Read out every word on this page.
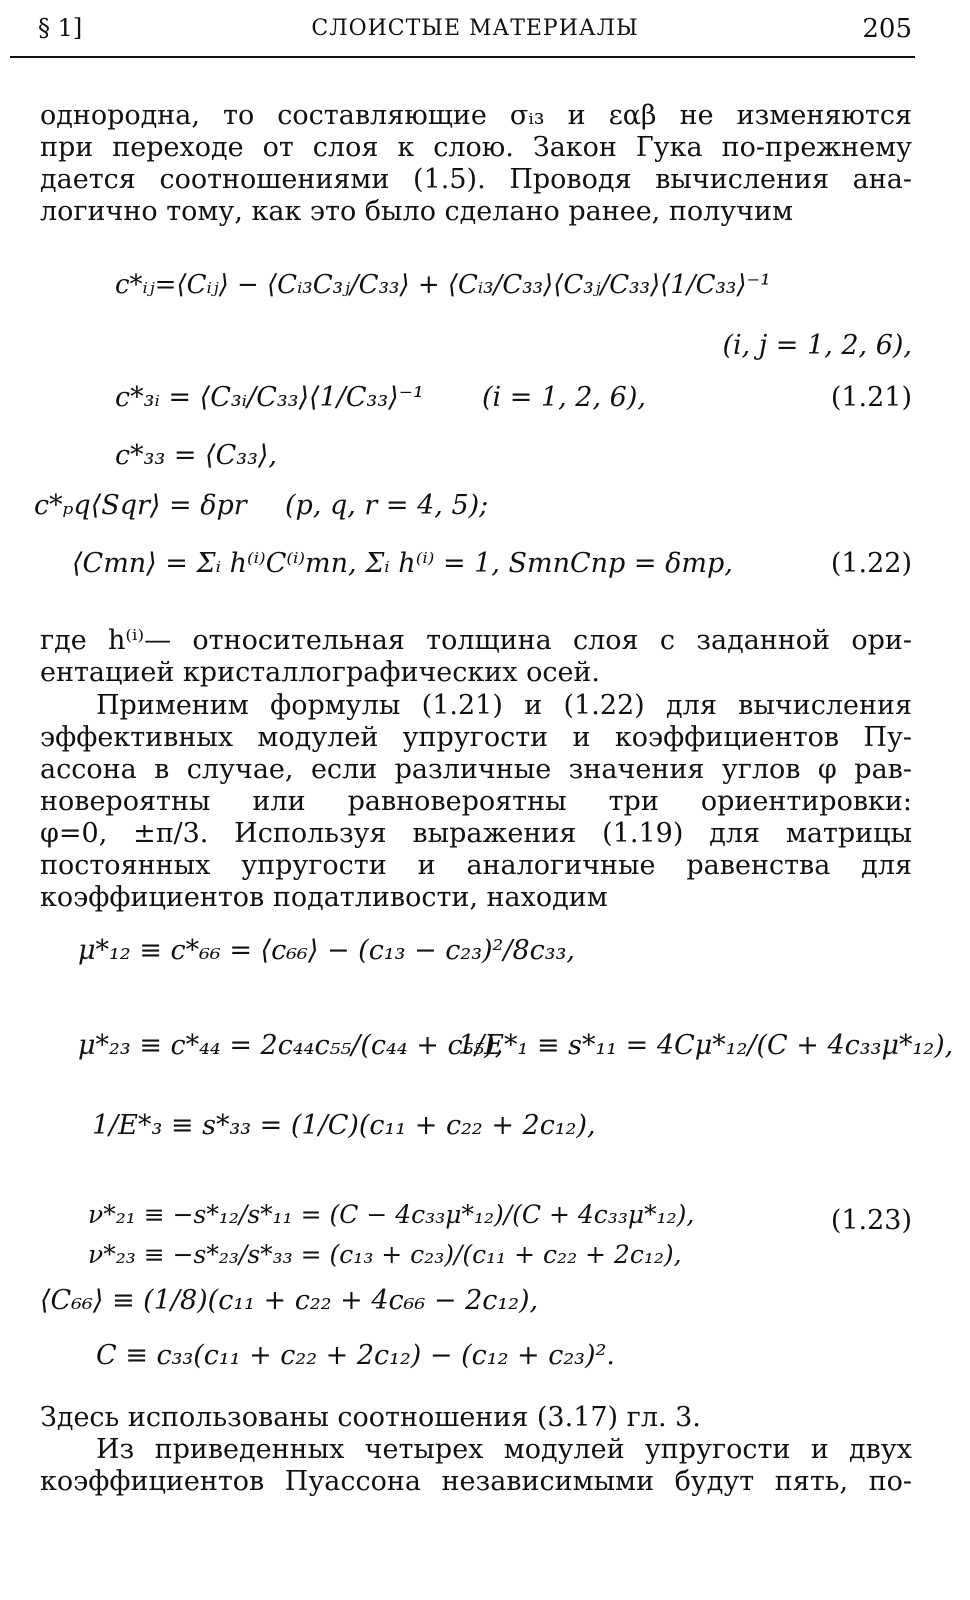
§ 1]	СЛОИСТЫЕ МАТЕРИАЛЫ	205
однородна, то составляющие σᵢ₃ и εαβ не изменяются
при переходе от слоя к слою. Закон Гука по-прежнему
дается соотношениями (1.5). Проводя вычисления ана-
логично тому, как это было сделано ранее, получим
c*ᵢⱼ=⟨Cᵢⱼ⟩ − ⟨Cᵢ₃C₃ⱼ/C₃₃⟩ + ⟨Cᵢ₃/C₃₃⟩⟨C₃ⱼ/C₃₃⟩⟨1/C₃₃⟩⁻¹
(i, j = 1, 2, 6),
c*₃ᵢ = ⟨C₃ᵢ/C₃₃⟩⟨1/C₃₃⟩⁻¹ (i = 1, 2, 6),	(1.21)
c*₃₃ = ⟨C₃₃⟩,
c*ₚq⟨Sqr⟩ = δpr (p, q, r = 4, 5);
⟨Cmn⟩ = Σᵢ h⁽ⁱ⁾C⁽ⁱ⁾mn, Σᵢ h⁽ⁱ⁾ = 1, SmnCnp = δmp,	(1.22)
где h⁽ⁱ⁾— относительная толщина слоя с заданной ори-
ентацией кристаллографических осей.
Применим формулы (1.21) и (1.22) для вычисления
эффективных модулей упругости и коэффициентов Пу-
ассона в случае, если различные значения углов φ рав-
новероятны или равновероятны три ориентировки:
φ=0, ±π/3. Используя выражения (1.19) для матрицы
постоянных упругости и аналогичные равенства для
коэффициентов податливости, находим
μ*₁₂ ≡ c*₆₆ = ⟨c₆₆⟩ − (c₁₃ − c₂₃)²/8c₃₃,
μ*₂₃ ≡ c*₄₄ = 2c₄₄c₅₅/(c₄₄ + c₅₅),
1/E*₁ ≡ s*₁₁ = 4Cμ*₁₂/(C + 4c₃₃μ*₁₂),
1/E*₃ ≡ s*₃₃ = (1/C)(c₁₁ + c₂₂ + 2c₁₂),
ν*₂₁ ≡ −s*₁₂/s*₁₁ = (C − 4c₃₃μ*₁₂)/(C + 4c₃₃μ*₁₂),
ν*₂₃ ≡ −s*₂₃/s*₃₃ = (c₁₃ + c₂₃)/(c₁₁ + c₂₂ + 2c₁₂),
(1.23)
⟨C₆₆⟩ ≡ (1/8)(c₁₁ + c₂₂ + 4c₆₆ − 2c₁₂),
C ≡ c₃₃(c₁₁ + c₂₂ + 2c₁₂) − (c₁₂ + c₂₃)².
Здесь использованы соотношения (3.17) гл. 3.
Из приведенных четырех модулей упругости и двух
коэффициентов Пуассона независимыми будут пять, по-
